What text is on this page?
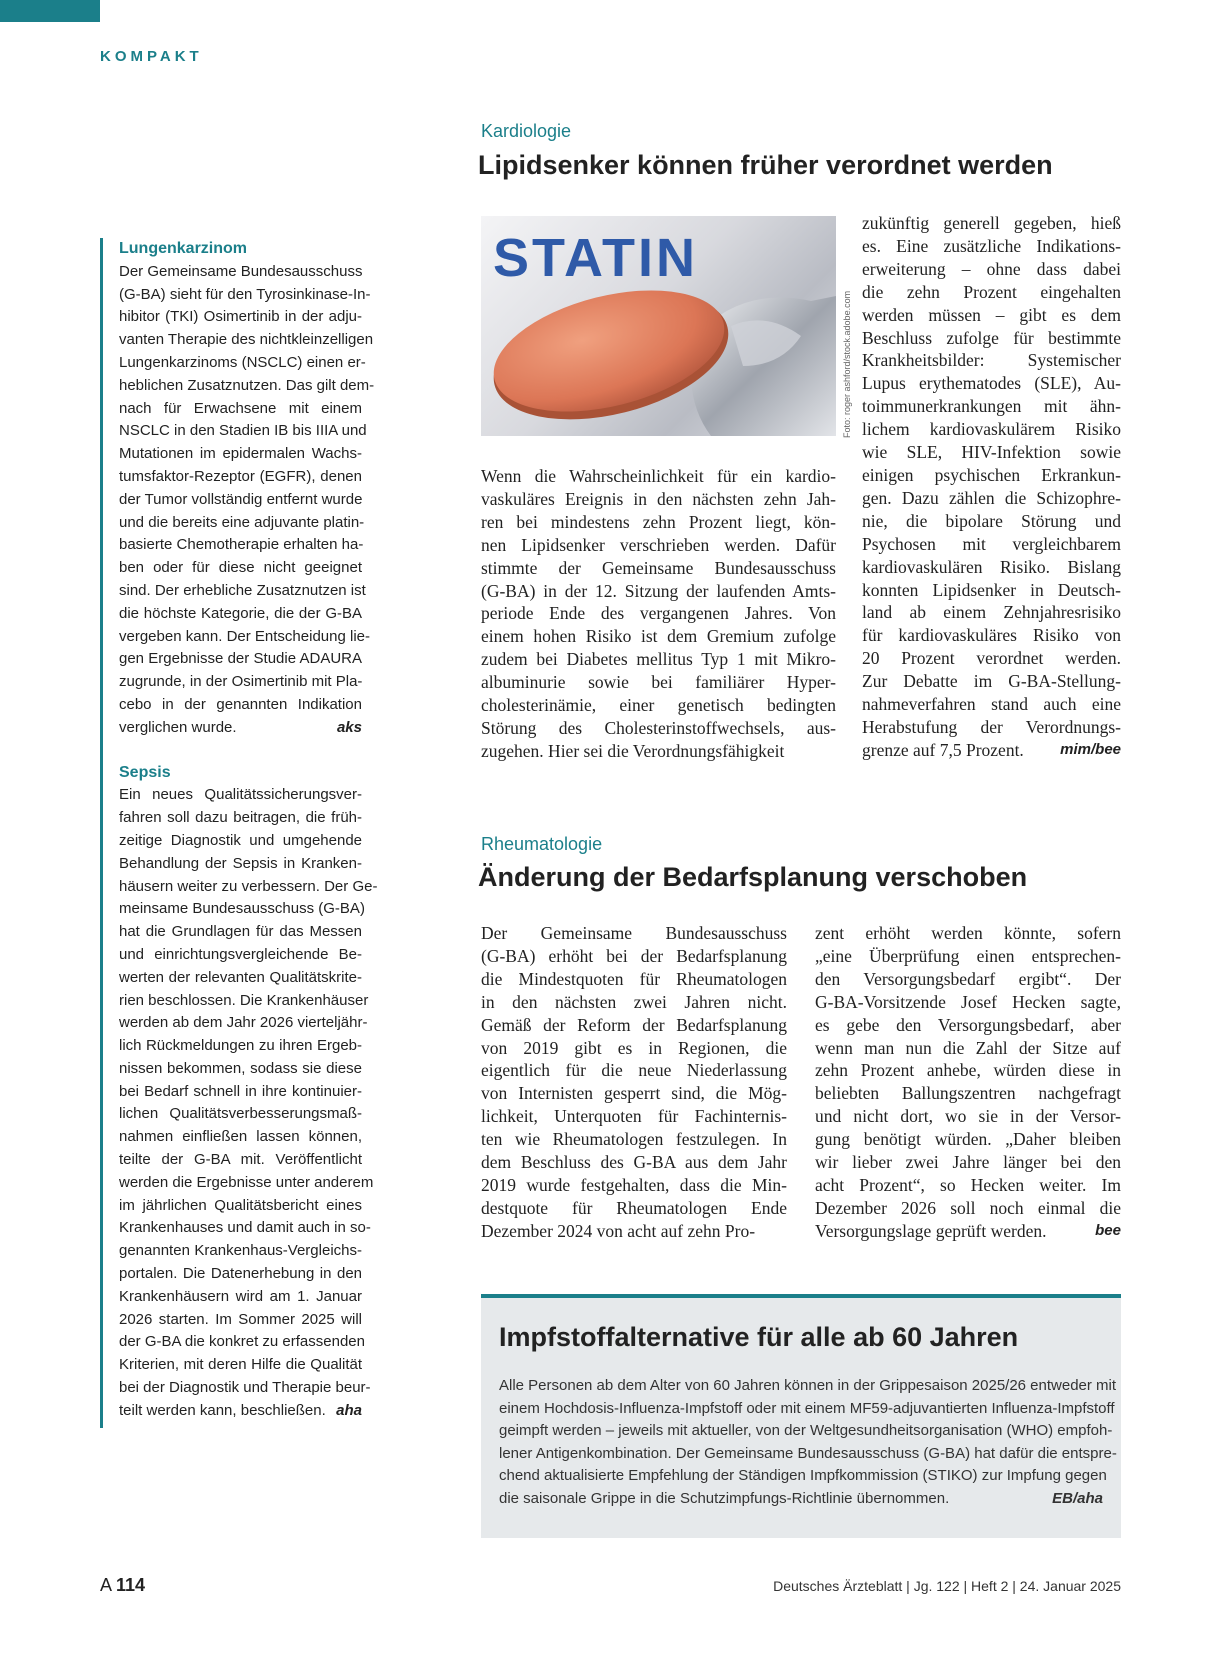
KOMPAKT
Lungenkarzinom
Der Gemeinsame Bundesausschuss
(G-BA) sieht für den Tyrosinkinase-In-
hibitor (TKI) Osimertinib in der adju-
vanten Therapie des nichtkleinzelligen
Lungenkarzinoms (NSCLC) einen er-
heblichen Zusatznutzen. Das gilt dem-
nach für Erwachsene mit einem
NSCLC in den Stadien IB bis IIIA und
Mutationen im epidermalen Wachs-
tumsfaktor-Rezeptor (EGFR), denen
der Tumor vollständig entfernt wurde
und die bereits eine adjuvante platin-
basierte Chemotherapie erhalten ha-
ben oder für diese nicht geeignet
sind. Der erhebliche Zusatznutzen ist
die höchste Kategorie, die der G-BA
vergeben kann. Der Entscheidung lie-
gen Ergebnisse der Studie ADAURA
zugrunde, in der Osimertinib mit Pla-
cebo in der genannten Indikation
verglichen wurde.	aks
Sepsis
Ein neues Qualitätssicherungsver-
fahren soll dazu beitragen, die früh-
zeitige Diagnostik und umgehende
Behandlung der Sepsis in Kranken-
häusern weiter zu verbessern. Der Ge-
meinsame Bundesausschuss (G-BA)
hat die Grundlagen für das Messen
und einrichtungsvergleichende Be-
werten der relevanten Qualitätskrite-
rien beschlossen. Die Krankenhäuser
werden ab dem Jahr 2026 vierteljähr-
lich Rückmeldungen zu ihren Ergeb-
nissen bekommen, sodass sie diese
bei Bedarf schnell in ihre kontinuier-
lichen Qualitätsverbesserungsmaß-
nahmen einfließen lassen können,
teilte der G-BA mit. Veröffentlicht
werden die Ergebnisse unter anderem
im jährlichen Qualitätsbericht eines
Krankenhauses und damit auch in so-
genannten Krankenhaus-Vergleichs-
portalen. Die Datenerhebung in den
Krankenhäusern wird am 1. Januar
2026 starten. Im Sommer 2025 will
der G-BA die konkret zu erfassenden
Kriterien, mit deren Hilfe die Qualität
bei der Diagnostik und Therapie beur-
teilt werden kann, beschließen. aha
Kardiologie
Lipidsenker können früher verordnet werden
STATIN
Foto: roger ashford/stock.adobe.com
Wenn die Wahrscheinlichkeit für ein kardio-
vaskuläres Ereignis in den nächsten zehn Jah-
ren bei mindestens zehn Prozent liegt, kön-
nen Lipidsenker verschrieben werden. Dafür
stimmte der Gemeinsame Bundesausschuss
(G-BA) in der 12. Sitzung der laufenden Amts-
periode Ende des vergangenen Jahres. Von
einem hohen Risiko ist dem Gremium zufolge
zudem bei Diabetes mellitus Typ 1 mit Mikro-
albuminurie sowie bei familiärer Hyper-
cholesterinämie, einer genetisch bedingten
Störung des Cholesterinstoffwechsels, aus-
zugehen. Hier sei die Verordnungsfähigkeit
zukünftig generell gegeben, hieß
es. Eine zusätzliche Indikations-
erweiterung – ohne dass dabei
die zehn Prozent eingehalten
werden müssen – gibt es dem
Beschluss zufolge für bestimmte
Krankheitsbilder: Systemischer
Lupus erythematodes (SLE), Au-
toimmunerkrankungen mit ähn-
lichem kardiovaskulärem Risiko
wie SLE, HIV-Infektion sowie
einigen psychischen Erkrankun-
gen. Dazu zählen die Schizophre-
nie, die bipolare Störung und
Psychosen mit vergleichbarem
kardiovaskulären Risiko. Bislang
konnten Lipidsenker in Deutsch-
land ab einem Zehnjahresrisiko
für kardiovaskuläres Risiko von
20 Prozent verordnet werden.
Zur Debatte im G-BA-Stellung-
nahmeverfahren stand auch eine
Herabstufung der Verordnungs-
grenze auf 7,5 Prozent. mim/bee
Rheumatologie
Änderung der Bedarfsplanung verschoben
Der Gemeinsame Bundesausschuss
(G-BA) erhöht bei der Bedarfsplanung
die Mindestquoten für Rheumatologen
in den nächsten zwei Jahren nicht.
Gemäß der Reform der Bedarfsplanung
von 2019 gibt es in Regionen, die
eigentlich für die neue Niederlassung
von Internisten gesperrt sind, die Mög-
lichkeit, Unterquoten für Fachinternis-
ten wie Rheumatologen festzulegen. In
dem Beschluss des G-BA aus dem Jahr
2019 wurde festgehalten, dass die Min-
destquote für Rheumatologen Ende
Dezember 2024 von acht auf zehn Pro-
zent erhöht werden könnte, sofern
„eine Überprüfung einen entsprechen-
den Versorgungsbedarf ergibt“. Der
G-BA-Vorsitzende Josef Hecken sagte,
es gebe den Versorgungsbedarf, aber
wenn man nun die Zahl der Sitze auf
zehn Prozent anhebe, würden diese in
beliebten Ballungszentren nachgefragt
und nicht dort, wo sie in der Versor-
gung benötigt würden. „Daher bleiben
wir lieber zwei Jahre länger bei den
acht Prozent“, so Hecken weiter. Im
Dezember 2026 soll noch einmal die
Versorgungslage geprüft werden.	bee
Impfstoffalternative für alle ab 60 Jahren
Alle Personen ab dem Alter von 60 Jahren können in der Grippesaison 2025/26 entweder mit
einem Hochdosis-Influenza-Impfstoff oder mit einem MF59-adjuvantierten Influenza-Impfstoff
geimpft werden – jeweils mit aktueller, von der Weltgesundheitsorganisation (WHO) empfoh-
lener Antigenkombination. Der Gemeinsame Bundesausschuss (G-BA) hat dafür die entspre-
chend aktualisierte Empfehlung der Ständigen Impfkommission (STIKO) zur Impfung gegen
die saisonale Grippe in die Schutzimpfungs-Richtlinie übernommen.	EB/aha
A 114	Deutsches Ärzteblatt | Jg. 122 | Heft 2 | 24. Januar 2025
